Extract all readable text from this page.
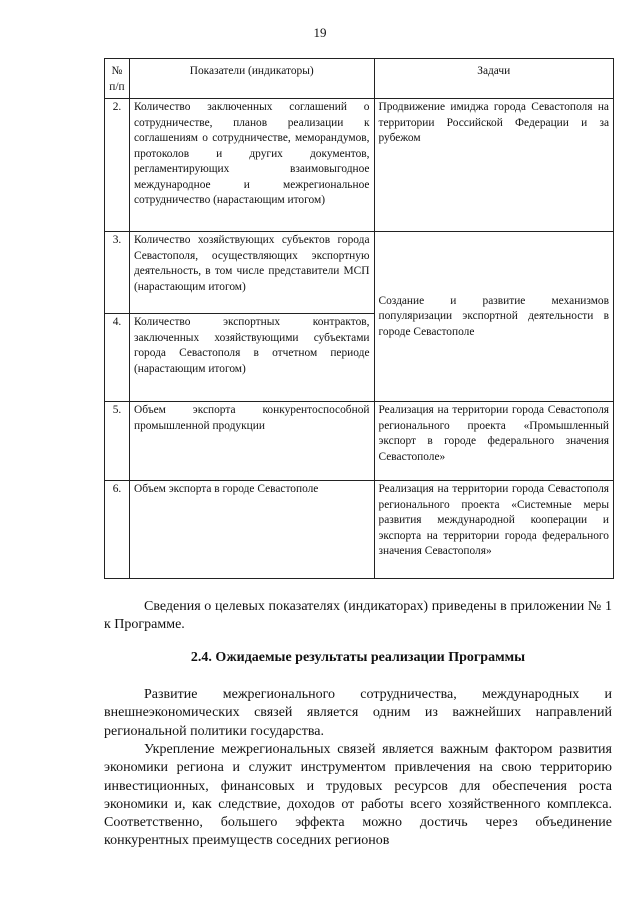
19
№ п/п	Показатели (индикаторы)	Задачи
2.	Количество заключенных соглашений о сотрудничестве, планов реализации к соглашениям о сотрудничестве, меморандумов, протоколов и других документов, регламентирующих взаимовыгодное международное и межрегиональное сотрудничество (нарастающим итогом)	Продвижение имиджа города Севастополя на территории Российской Федерации и за рубежом
3.	Количество хозяйствующих субъектов города Севастополя, осуществляющих экспортную деятельность, в том числе представители МСП (нарастающим итогом)	Создание и развитие механизмов популяризации экспортной деятельности в городе Севастополе
4.	Количество экспортных контрактов, заключенных хозяйствующими субъектами города Севастополя в отчетном периоде (нарастающим итогом)	
5.	Объем экспорта конкурентоспособной промышленной продукции	Реализация на территории города Севастополя регионального проекта «Промышленный экспорт в городе федерального значения Севастополе»
6.	Объем экспорта в городе Севастополе	Реализация на территории города Севастополя регионального проекта «Системные меры развития международной кооперации и экспорта на территории города федерального значения Севастополя»

Сведения о целевых показателях (индикаторах) приведены в приложении № 1 к Программе.

2.4. Ожидаемые результаты реализации Программы

Развитие межрегионального сотрудничества, международных и внешнеэкономических связей является одним из важнейших направлений региональной политики государства.

Укрепление межрегиональных связей является важным фактором развития экономики региона и служит инструментом привлечения на свою территорию инвестиционных, финансовых и трудовых ресурсов для обеспечения роста экономики и, как следствие, доходов от работы всего хозяйственного комплекса. Соответственно, большего эффекта можно достичь через объединение конкурентных преимуществ соседних регионов
